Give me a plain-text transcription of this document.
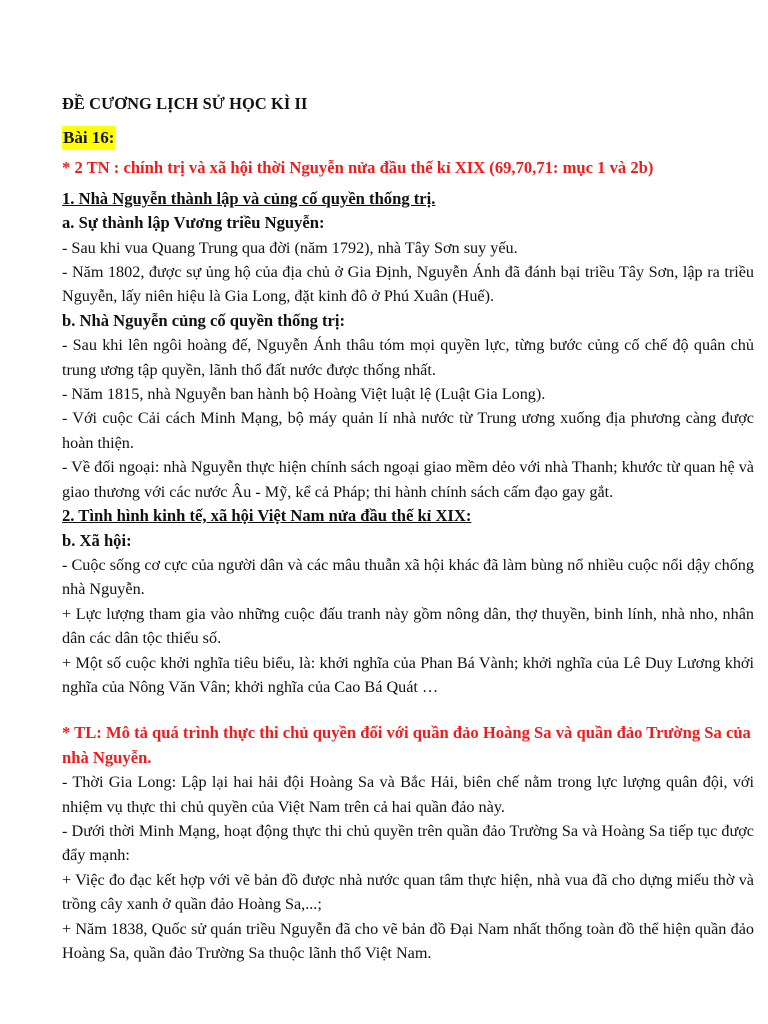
ĐỀ CƯƠNG LỊCH SỬ HỌC KÌ II

Bài 16:

* 2 TN : chính trị và xã hội thời Nguyễn nửa đầu thế kỉ XIX (69,70,71: mục 1 và 2b)

1. Nhà Nguyễn thành lập và củng cố quyền thống trị.

a. Sự thành lập Vương triều Nguyễn:

- Sau khi vua Quang Trung qua đời (năm 1792), nhà Tây Sơn suy yếu.

- Năm 1802, được sự ủng hộ của địa chủ ở Gia Định, Nguyễn Ánh đã đánh bại triều Tây Sơn, lập ra triều Nguyễn, lấy niên hiệu là Gia Long, đặt kinh đô ở Phú Xuân (Huế).

b. Nhà Nguyễn củng cố quyền thống trị:

- Sau khi lên ngôi hoàng đế, Nguyễn Ánh thâu tóm mọi quyền lực, từng bước củng cố chế độ quân chủ trung ương tập quyền, lãnh thổ đất nước được thống nhất.

- Năm 1815, nhà Nguyễn ban hành bộ Hoàng Việt luật lệ (Luật Gia Long).

- Với cuộc Cải cách Minh Mạng, bộ máy quản lí nhà nước từ Trung ương xuống địa phương càng được hoàn thiện.

- Về đối ngoại: nhà Nguyễn thực hiện chính sách ngoại giao mềm dẻo với nhà Thanh; khước từ quan hệ và giao thương với các nước Âu - Mỹ, kể cả Pháp; thi hành chính sách cấm đạo gay gắt.

2. Tình hình kinh tế, xã hội Việt Nam nửa đầu thế kỉ XIX:

b. Xã hội:

- Cuộc sống cơ cực của người dân và các mâu thuẫn xã hội khác đã làm bùng nổ nhiều cuộc nổi dậy chống nhà Nguyễn.

+ Lực lượng tham gia vào những cuộc đấu tranh này gồm nông dân, thợ thuyền, binh lính, nhà nho, nhân dân các dân tộc thiểu số.

+ Một số cuộc khởi nghĩa tiêu biểu, là: khởi nghĩa của Phan Bá Vành; khởi nghĩa của Lê Duy Lương khởi nghĩa của Nông Văn Vân; khởi nghĩa của Cao Bá Quát …

* TL: Mô tả quá trình thực thi chủ quyền đối với quần đảo Hoàng Sa và quần đảo Trường Sa của nhà Nguyễn.

- Thời Gia Long: Lập lại hai hải đội Hoàng Sa và Bắc Hải, biên chế nằm trong lực lượng quân đội, với nhiệm vụ thực thi chủ quyền của Việt Nam trên cả hai quần đảo này.

- Dưới thời Minh Mạng, hoạt động thực thi chủ quyền trên quần đảo Trường Sa và Hoàng Sa tiếp tục được đẩy mạnh:

+ Việc đo đạc kết hợp với vẽ bản đồ được nhà nước quan tâm thực hiện, nhà vua đã cho dựng miếu thờ và trồng cây xanh ở quần đảo Hoàng Sa,...;

+ Năm 1838, Quốc sử quán triều Nguyễn đã cho vẽ bản đồ Đại Nam nhất thống toàn đồ thể hiện quần đảo Hoàng Sa, quần đảo Trường Sa thuộc lãnh thổ Việt Nam.
